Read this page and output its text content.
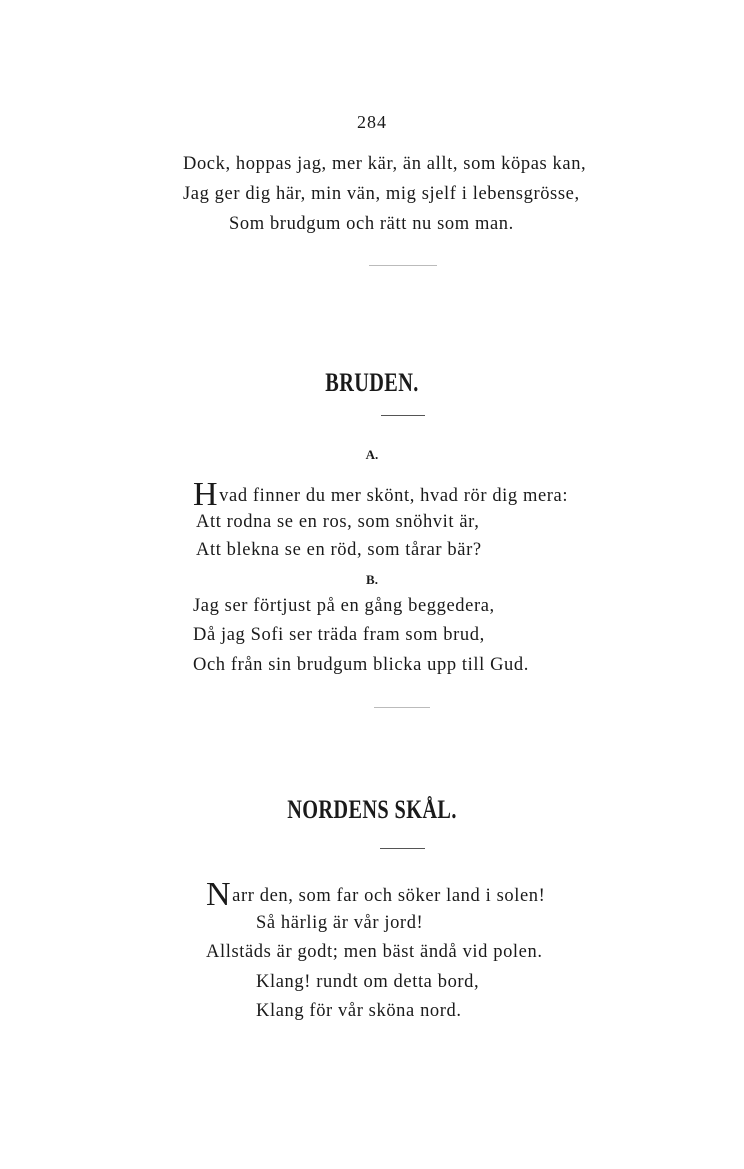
284
Dock, hoppas jag, mer kär, än allt, som köpas kan,
Jag ger dig här, min vän, mig sjelf i lebensgrösse,
Som brudgum och rätt nu som man.
BRUDEN.
A.
Hvad finner du mer skönt, hvad rör dig mera:
Att rodna se en ros, som snöhvit är,
Att blekna se en röd, som tårar bär?
B.
Jag ser förtjust på en gång beggedera,
Då jag Sofi ser träda fram som brud,
Och från sin brudgum blicka upp till Gud.
NORDENS SKÅL.
Narr den, som far och söker land i solen!
Så härlig är vår jord!
Allstäds är godt; men bäst ändå vid polen.
Klang! rundt om detta bord,
Klang för vår sköna nord.
